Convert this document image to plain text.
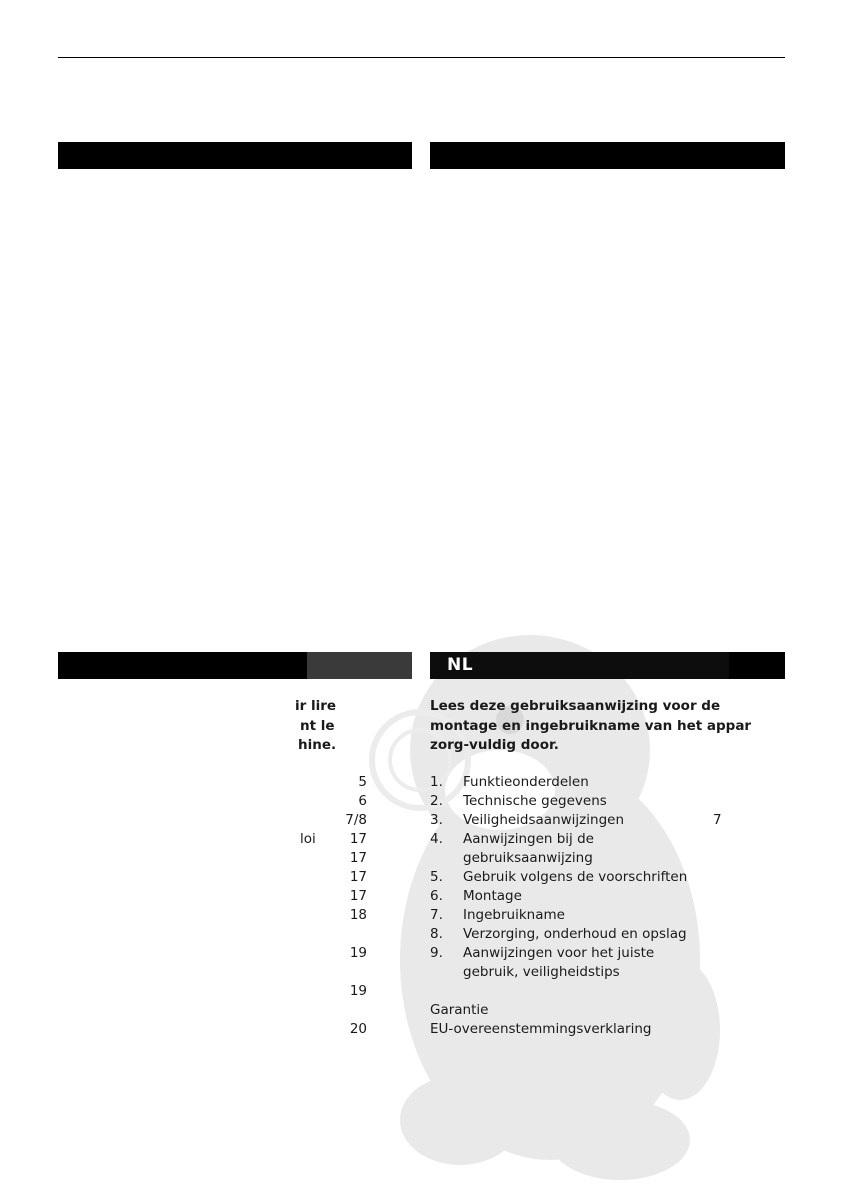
NL
ir lire
nt le
hine.
5
6
7/8
loi	17
17
17
17
18
19
19
20
Lees deze gebruiksaanwijzing voor de
montage en ingebruikname van het appar
zorg-vuldig door.
1.	Funktieonderdelen
2.	Technische gegevens
3.	Veiligheidsaanwijzingen	7
4.	Aanwijzingen bij de
gebruiksaanwijzing
5.	Gebruik volgens de voorschriften
6.	Montage
7.	Ingebruikname
8.	Verzorging, onderhoud en opslag
9.	Aanwijzingen voor het juiste
gebruik, veiligheidstips
Garantie
EU-overeenstemmingsverklaring
